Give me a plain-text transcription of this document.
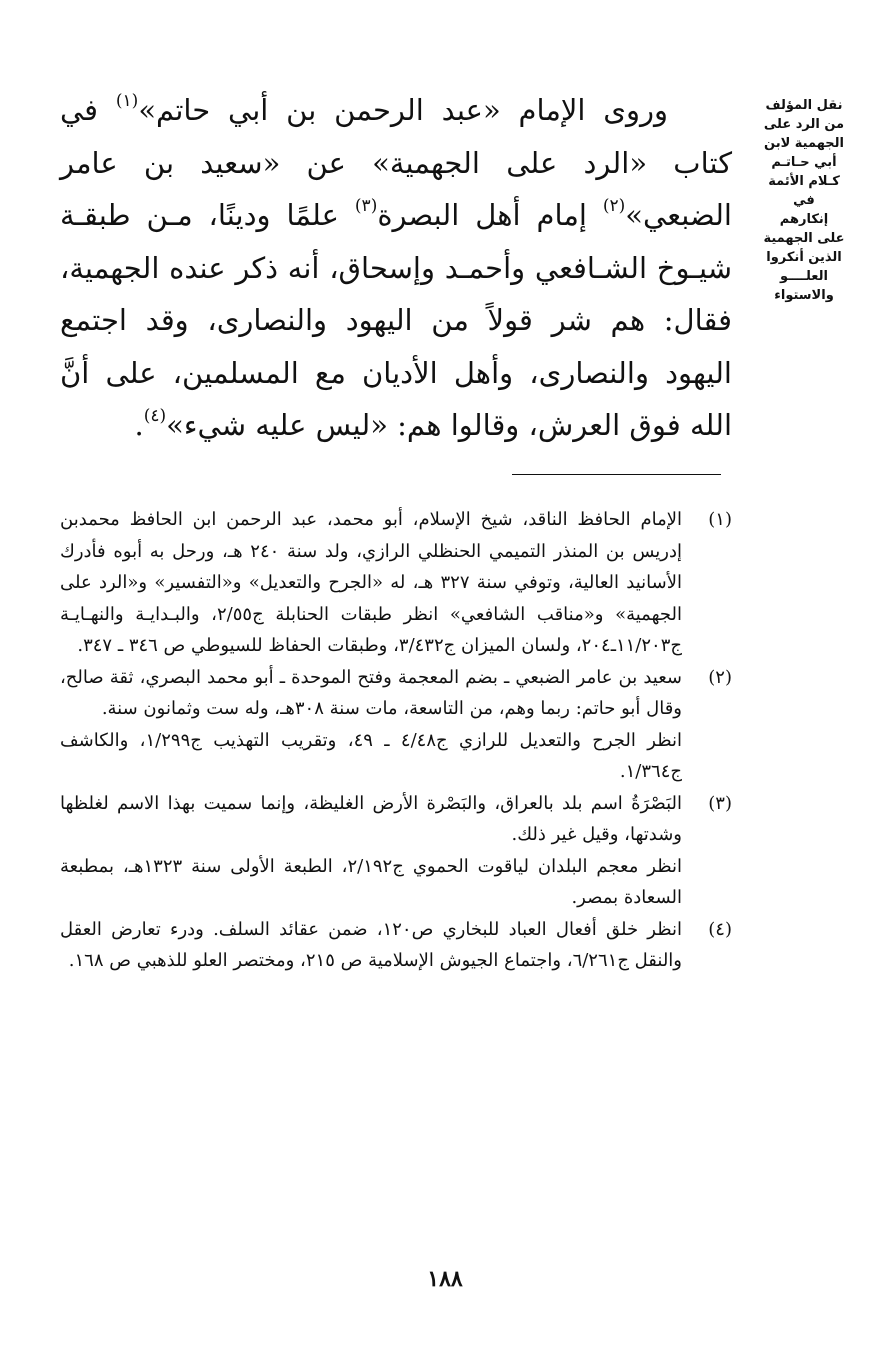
نقل المؤلف
من الرد على
الجهمية لابن
أبي حـاتـم
كـلام الأئمة
في
إنكارهم
على الجهمية
الذين أنكروا
العلــــو
والاستواء

وروى الإمام «عبد الرحمن بن أبي حاتم»$^{(١)}$ في كتاب «الرد على الجهمية» عن «سعيد بن عامر الضبعي»$^{(٢)}$ إمام أهل البصرة$^{(٣)}$ علمًا ودينًا، مـن طبقـة شيـوخ الشـافعي وأحمـد وإسحاق، أنه ذكر عنده الجهمية، فقال: هم شر قولاً من اليهود والنصارى، وقد اجتمع اليهود والنصارى، وأهل الأديان مع المسلمين، على أنَّ الله فوق العرش، وقالوا هم: «ليس عليه شيء»$^{(٤)}$.

(١)

الإمام الحافظ الناقد، شيخ الإسلام، أبو محمد، عبد الرحمن ابن الحافظ محمدبن إدريس بن المنذر التميمي الحنظلي الرازي، ولد سنة ٢٤٠ هـ، ورحل به أبوه فأدرك الأسانيد العالية، وتوفي سنة ٣٢٧ هـ، له «الجرح والتعديل» و«التفسير» و«الرد على الجهمية» و«مناقب الشافعي» انظر طبقات الحنابلة ج٢/٥٥، والبـدايـة والنهـايـة ج١١/٢٠٣ـ٢٠٤، ولسان الميزان ج٣/٤٣٢، وطبقات الحفاظ للسيوطي ص ٣٤٦ ـ ٣٤٧.

(٢)

سعيد بن عامر الضبعي ـ بضم المعجمة وفتح الموحدة ـ أبو محمد البصري، ثقة صالح، وقال أبو حاتم: ربما وهم، من التاسعة، مات سنة ٣٠٨هـ، وله ست وثمانون سنة.

انظر الجرح والتعديل للرازي ج٤/٤٨ ـ ٤٩، وتقريب التهذيب ج١/٢٩٩، والكاشف ج١/٣٦٤.

(٣)

البَصْرَةُ اسم بلد بالعراق، والبَصْرة الأرض الغليظة، وإنما سميت بهذا الاسم لغلظها وشدتها، وقيل غير ذلك.

انظر معجم البلدان لياقوت الحموي ج٢/١٩٢، الطبعة الأولى سنة ١٣٢٣هـ، بمطبعة السعادة بمصر.

(٤)

انظر خلق أفعال العباد للبخاري ص١٢٠، ضمن عقائد السلف. ودرء تعارض العقل والنقل ج٦/٢٦١، واجتماع الجيوش الإسلامية ص ٢١٥، ومختصر العلو للذهبي ص ١٦٨.

١٨٨
